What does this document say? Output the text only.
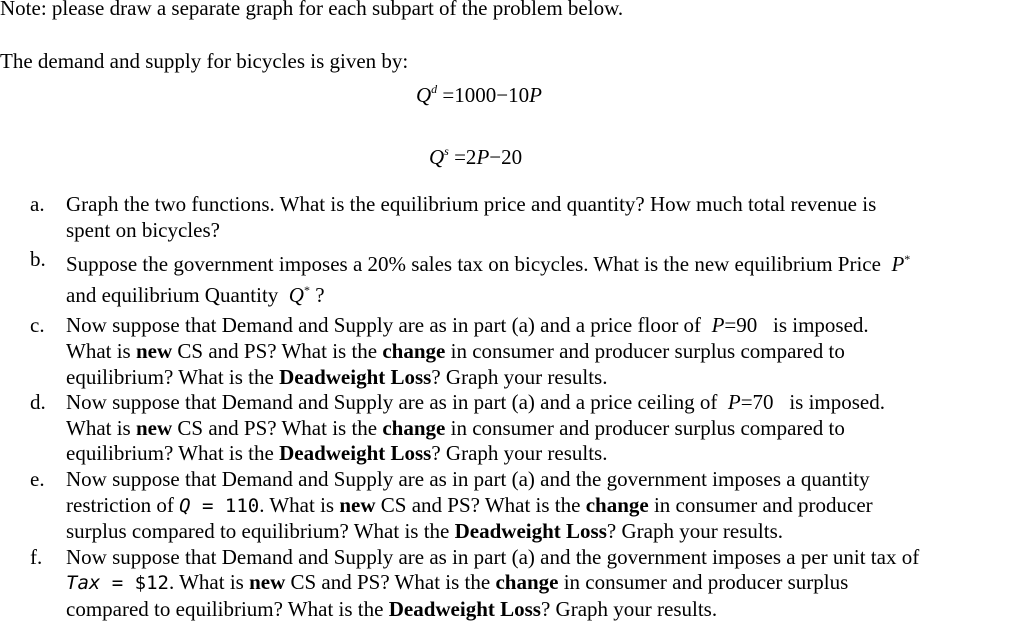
Note: please draw a separate graph for each subpart of the problem below.
The demand and supply for bicycles is given by:
$Q^d =1000-10P$
$Q^s =2P-20$
a.	Graph the two functions. What is the equilibrium price and quantity? How much total revenue is
spent on bicycles?
b. Suppose the government imposes a 20% sales tax on bicycles. What is the new equilibrium Price P*
and equilibrium Quantity Q* ?
c.	Now suppose that Demand and Supply are as in part (a) and a price floor of P=90 is imposed.
What is new CS and PS? What is the change in consumer and producer surplus compared to
equilibrium? What is the Deadweight Loss? Graph your results.
d. Now suppose that Demand and Supply are as in part (a) and a price ceiling of P=70 is imposed.
What is new CS and PS? What is the change in consumer and producer surplus compared to
equilibrium? What is the Deadweight Loss? Graph your results.
e.	Now suppose that Demand and Supply are as in part (a) and the government imposes a quantity
restriction of Q = 110. What is new CS and PS? What is the change in consumer and producer
surplus compared to equilibrium? What is the Deadweight Loss? Graph your results.
f.	Now suppose that Demand and Supply are as in part (a) and the government imposes a per unit tax of
Tax = $12. What is new CS and PS? What is the change in consumer and producer surplus
compared to equilibrium? What is the Deadweight Loss? Graph your results.
